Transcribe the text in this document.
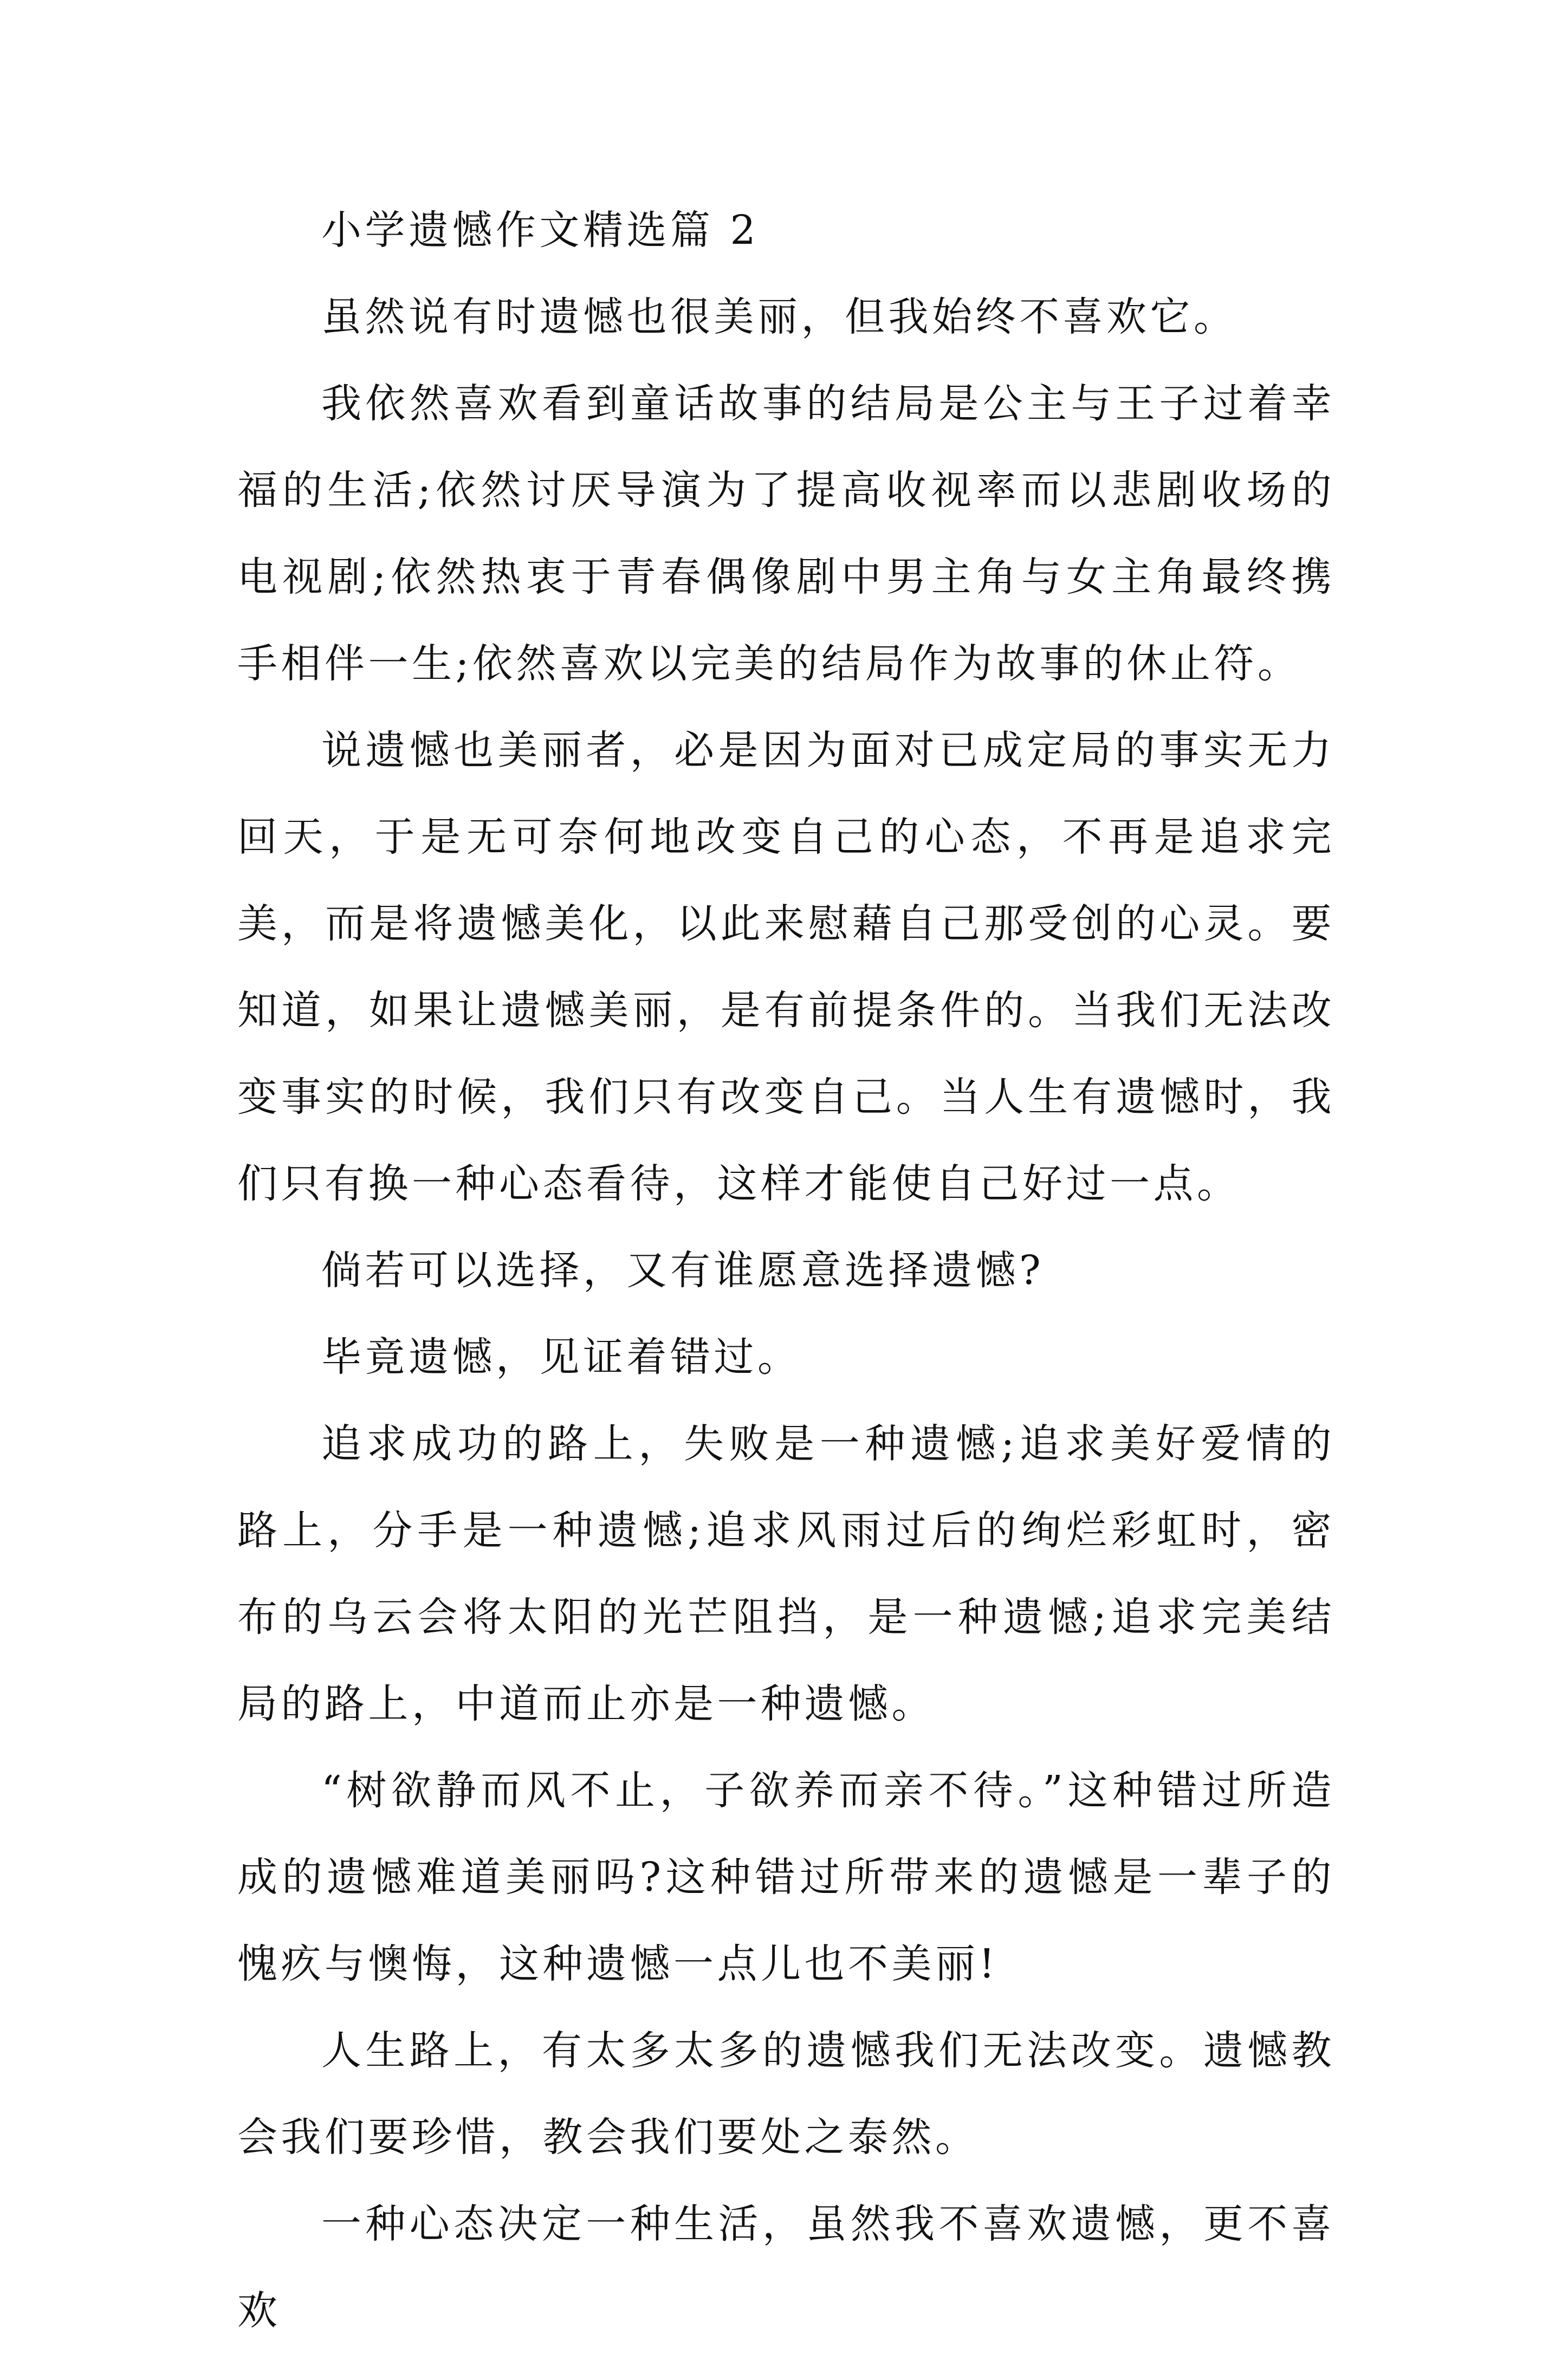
小学遗憾作文精选篇 2

虽然说有时遗憾也很美丽，但我始终不喜欢它。

我依然喜欢看到童话故事的结局是公主与王子过着幸福的生活;依然讨厌导演为了提高收视率而以悲剧收场的电视剧;依然热衷于青春偶像剧中男主角与女主角最终携手相伴一生;依然喜欢以完美的结局作为故事的休止符。

说遗憾也美丽者，必是因为面对已成定局的事实无力回天，于是无可奈何地改变自己的心态，不再是追求完美，而是将遗憾美化，以此来慰藉自己那受创的心灵。要知道，如果让遗憾美丽，是有前提条件的。当我们无法改变事实的时候，我们只有改变自己。当人生有遗憾时，我们只有换一种心态看待，这样才能使自己好过一点。

倘若可以选择，又有谁愿意选择遗憾?

毕竟遗憾，见证着错过。

追求成功的路上，失败是一种遗憾;追求美好爱情的路上，分手是一种遗憾;追求风雨过后的绚烂彩虹时，密布的乌云会将太阳的光芒阻挡，是一种遗憾;追求完美结局的路上，中道而止亦是一种遗憾。

“树欲静而风不止，子欲养而亲不待。”这种错过所造成的遗憾难道美丽吗?这种错过所带来的遗憾是一辈子的愧疚与懊悔，这种遗憾一点儿也不美丽!

人生路上，有太多太多的遗憾我们无法改变。遗憾教会我们要珍惜，教会我们要处之泰然。

一种心态决定一种生活，虽然我不喜欢遗憾，更不喜欢
